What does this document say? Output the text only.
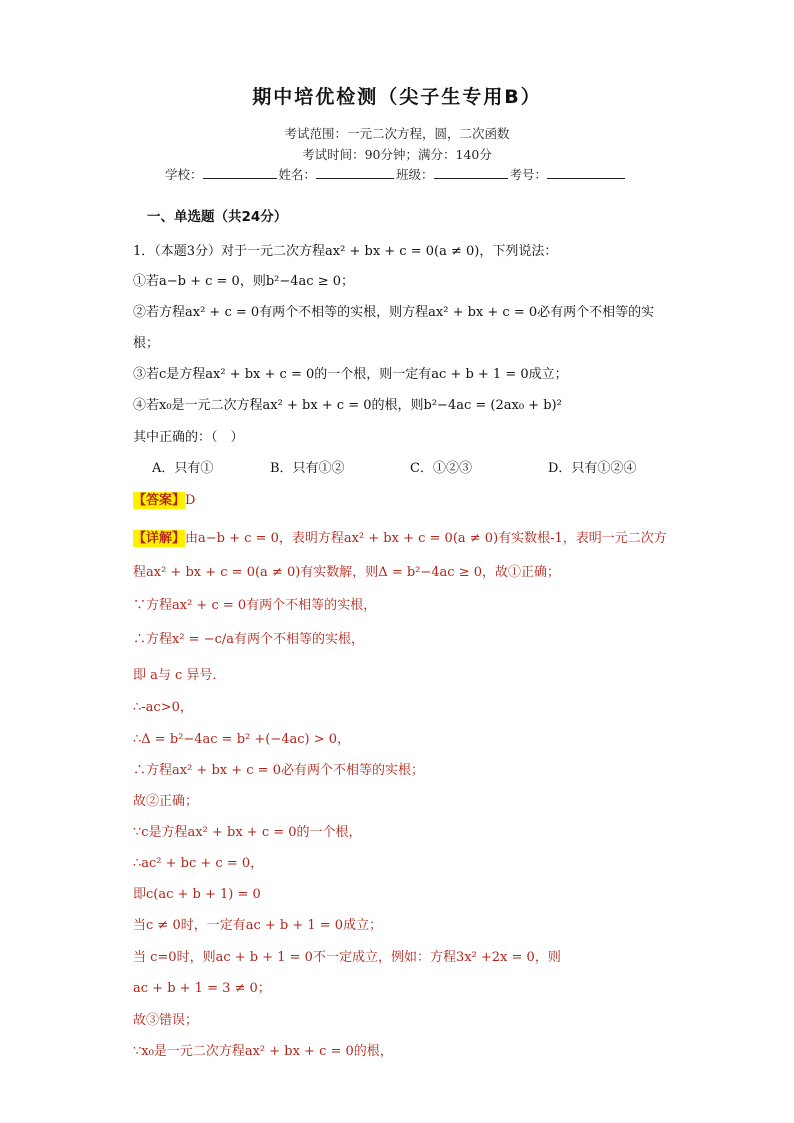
期中培优检测（尖子生专用B）
考试范围：一元二次方程，圆，二次函数
考试时间：90分钟；满分：140分
学校：	姓名：	班级：	考号：
一、单选题（共24分）
1．（本题3分）对于一元二次方程ax² + bx + c = 0(a ≠ 0)，下列说法：
①若a−b + c = 0，则b²−4ac ≥ 0；
②若方程ax² + c = 0有两个不相等的实根，则方程ax² + bx + c = 0必有两个不相等的实
根；
③若c是方程ax² + bx + c = 0的一个根，则一定有ac + b + 1 = 0成立；
④若x₀是一元二次方程ax² + bx + c = 0的根，则b²−4ac = (2ax₀ + b)²
其中正确的：（　）
A．只有①	B．只有①②	C．①②③	D．只有①②④
【答案】D
【详解】由a−b + c = 0，表明方程ax² + bx + c = 0(a ≠ 0)有实数根-1，表明一元二次方
程ax² + bx + c = 0(a ≠ 0)有实数解，则Δ = b²−4ac ≥ 0，故①正确；
∵方程ax² + c = 0有两个不相等的实根，
∴方程x² = −c/a有两个不相等的实根，
即 a与 c 异号．
∴-ac>0，
∴Δ = b²−4ac = b² +(−4ac) > 0，
∴方程ax² + bx + c = 0必有两个不相等的实根；
故②正确；
∵c是方程ax² + bx + c = 0的一个根，
∴ac² + bc + c = 0，
即c(ac + b + 1) = 0
当c ≠ 0时，一定有ac + b + 1 = 0成立；
当 c=0时，则ac + b + 1 = 0不一定成立，例如：方程3x² +2x = 0，则
ac + b + 1 = 3 ≠ 0；
故③错误；
∵x₀是一元二次方程ax² + bx + c = 0的根，
